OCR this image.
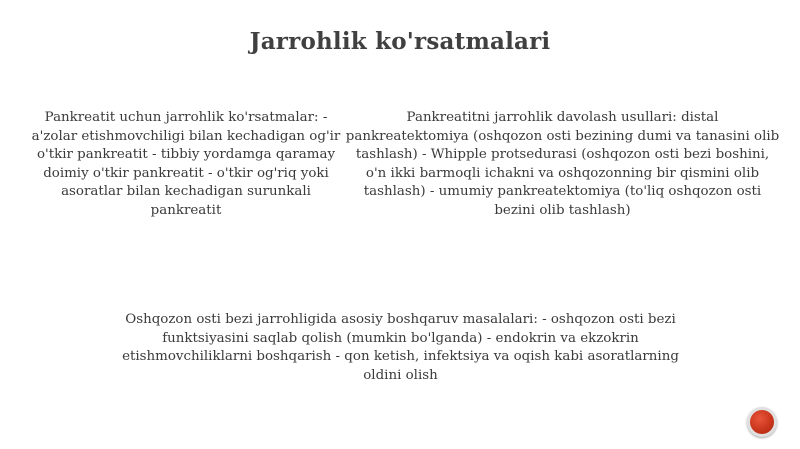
Jarrohlik ko'rsatmalari
Pankreatit uchun jarrohlik ko'rsatmalar: - a'zolar etishmovchiligi bilan kechadigan og'ir o'tkir pankreatit - tibbiy yordamga qaramay doimiy o'tkir pankreatit - o'tkir og'riq yoki asoratlar bilan kechadigan surunkali pankreatit
Pankreatitni jarrohlik davolash usullari: distal pankreatektomiya (oshqozon osti bezining dumi va tanasini olib tashlash) - Whipple protsedurasi (oshqozon osti bezi boshini, o'n ikki barmoqli ichakni va oshqozonning bir qismini olib tashlash) - umumiy pankreatektomiya (to'liq oshqozon osti bezini olib tashlash)
Oshqozon osti bezi jarrohligida asosiy boshqaruv masalalari: - oshqozon osti bezi funktsiyasini saqlab qolish (mumkin bo'lganda) - endokrin va ekzokrin etishmovchiliklarni boshqarish - qon ketish, infektsiya va oqish kabi asoratlarning oldini olish
